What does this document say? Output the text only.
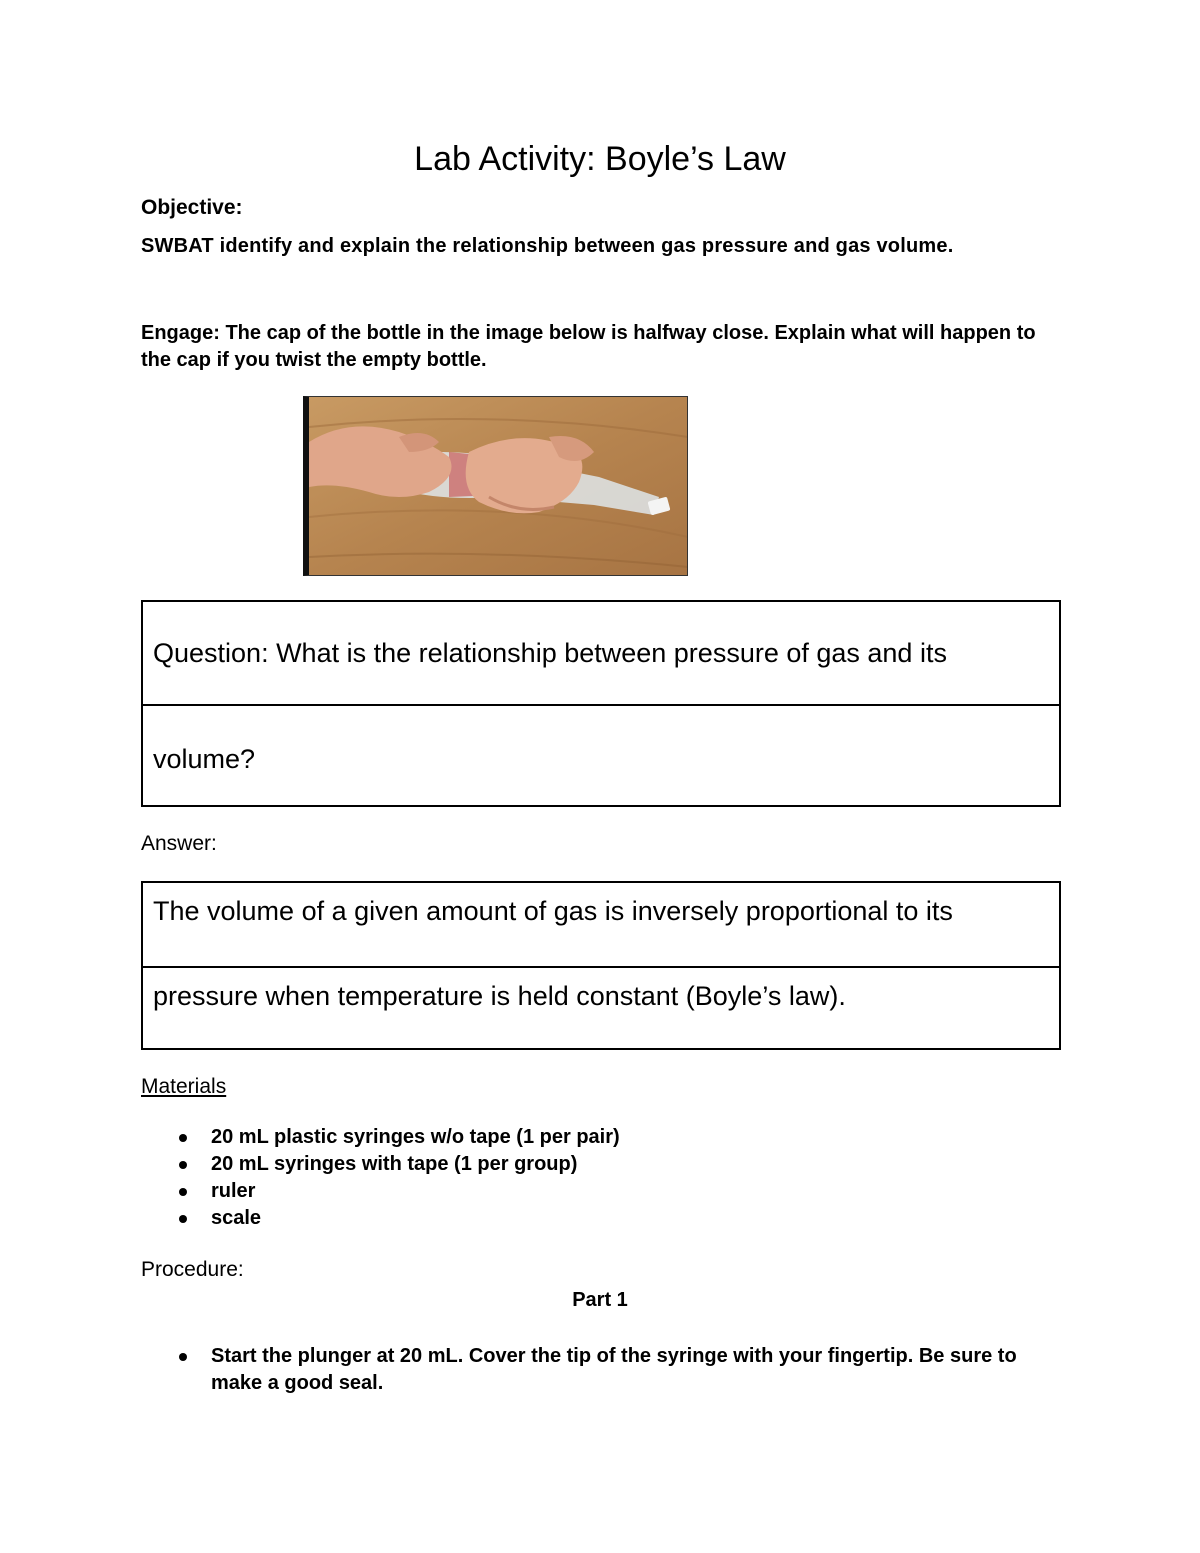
Lab Activity: Boyle’s Law
Objective:
SWBAT identify and explain the relationship between gas pressure and gas volume.
Engage: The cap of the bottle in the image below is halfway close. Explain what will happen to the cap if you twist the empty bottle.
Question: What is the relationship between pressure of gas and its
volume?
Answer:
The volume of a given amount of gas is inversely proportional to its
pressure when temperature is held constant (Boyle’s law).
Materials
20 mL plastic syringes w/o tape (1 per pair)
20 mL syringes with tape (1 per group)
ruler
scale
Procedure:
Part 1
Start the plunger at 20 mL. Cover the tip of the syringe with your fingertip. Be sure to make a good seal.
